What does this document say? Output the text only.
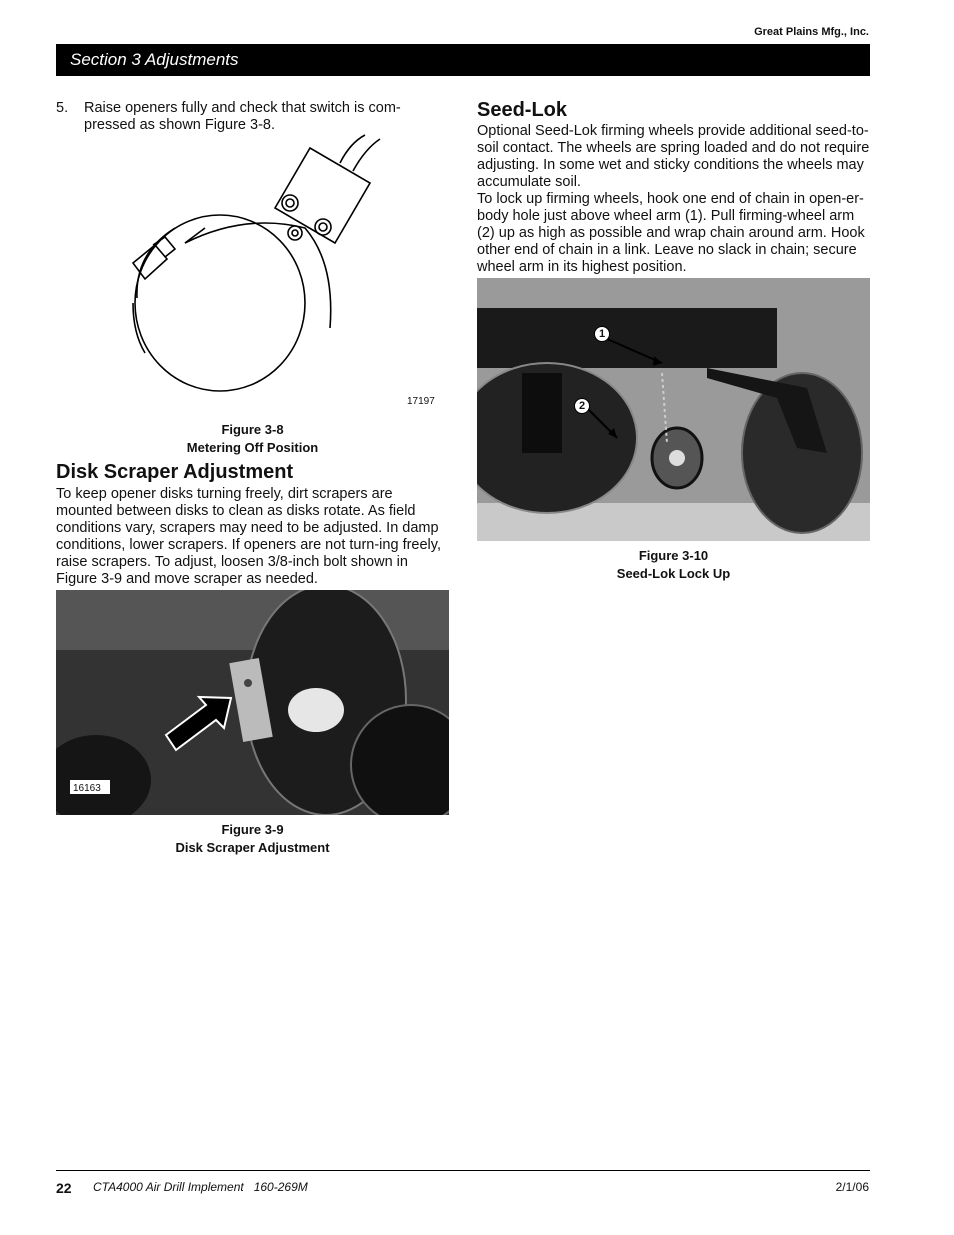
Great Plains Mfg., Inc.
Section 3 Adjustments
5. Raise openers fully and check that switch is com-pressed as shown Figure 3-8.
17197
Figure 3-8
Metering Off Position
Disk Scraper Adjustment
To keep opener disks turning freely, dirt scrapers are mounted between disks to clean as disks rotate. As field conditions vary, scrapers may need to be adjusted. In damp conditions, lower scrapers. If openers are not turn-ing freely, raise scrapers. To adjust, loosen 3/8-inch bolt shown in Figure 3-9 and move scraper as needed.
16163
Figure 3-9
Disk Scraper Adjustment
Seed-Lok
Optional Seed-Lok firming wheels provide additional seed-to-soil contact. The wheels are spring loaded and do not require adjusting. In some wet and sticky conditions the wheels may accumulate soil.
To lock up firming wheels, hook one end of chain in open-er-body hole just above wheel arm (1). Pull firming-wheel arm (2) up as high as possible and wrap chain around arm. Hook other end of chain in a link. Leave no slack in chain; secure wheel arm in its highest position.
1
2
Figure 3-10
Seed-Lok Lock Up
22 CTA4000 Air Drill Implement   160-269M	2/1/06
